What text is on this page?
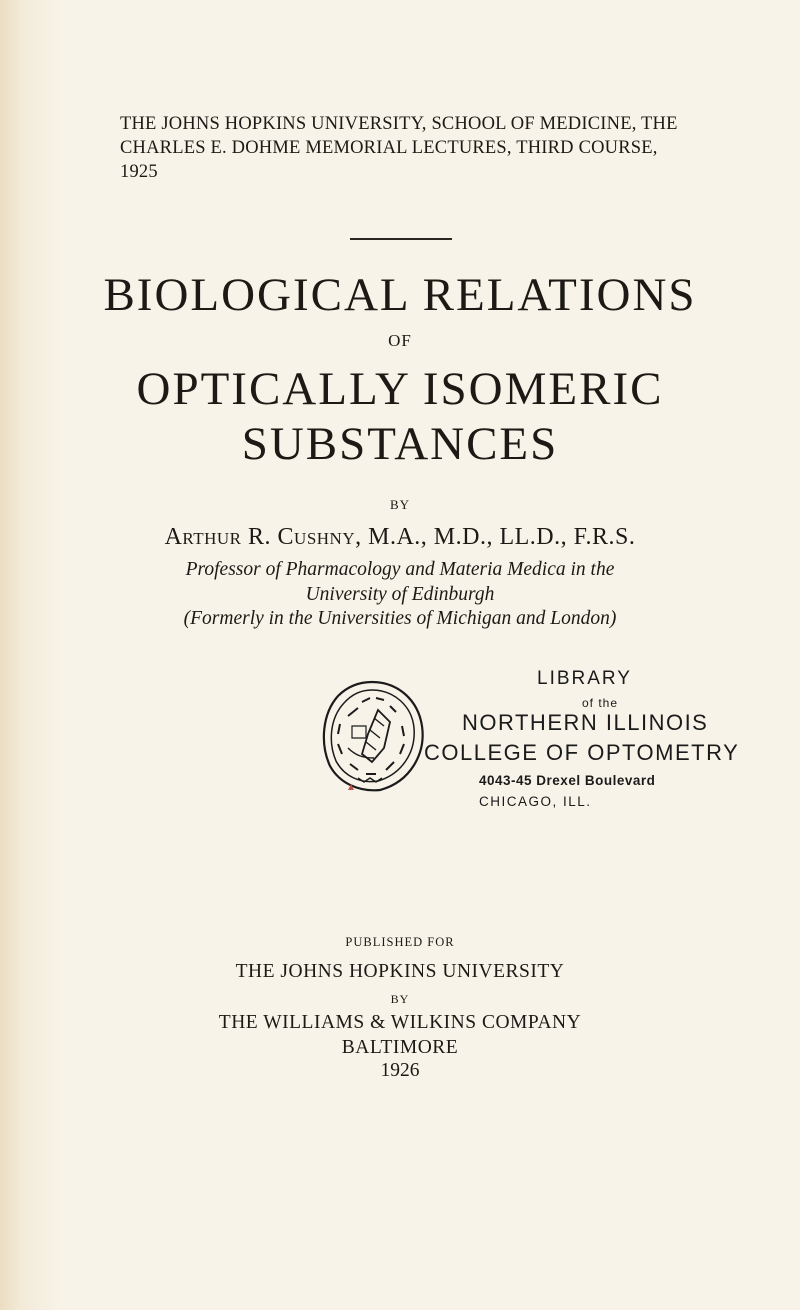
THE JOHNS HOPKINS UNIVERSITY, SCHOOL OF MEDICINE, THE CHARLES E. DOHME MEMORIAL LECTURES, THIRD COURSE, 1925
BIOLOGICAL RELATIONS
OF
OPTICALLY ISOMERIC
SUBSTANCES
BY
Arthur R. Cushny, M.A., M.D., LL.D., F.R.S.
Professor of Pharmacology and Materia Medica in the
University of Edinburgh
(Formerly in the Universities of Michigan and London)
LIBRARY
of the
NORTHERN ILLINOIS
COLLEGE OF OPTOMETRY
4043-45 Drexel Boulevard
CHICAGO, ILL.
PUBLISHED FOR
THE JOHNS HOPKINS UNIVERSITY
BY
THE WILLIAMS & WILKINS COMPANY
BALTIMORE
1926
